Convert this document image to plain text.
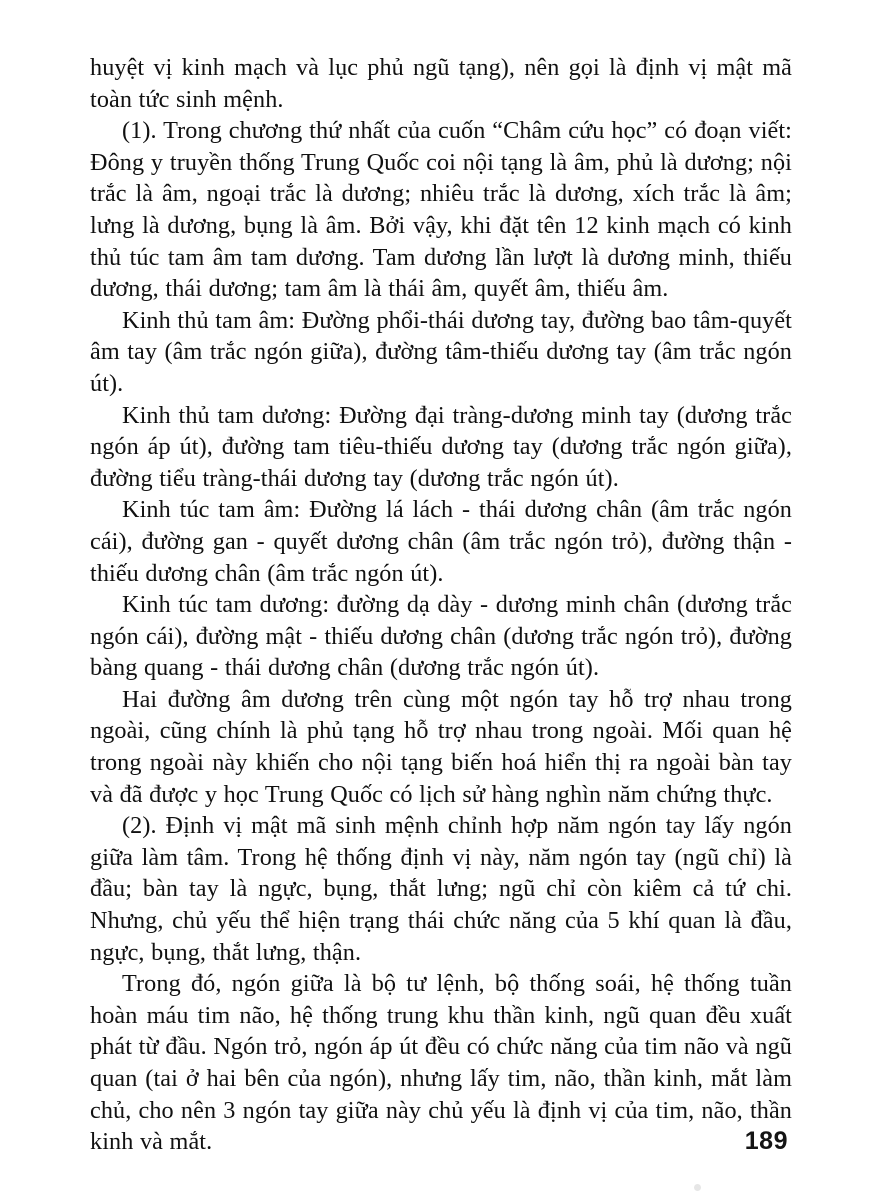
huyệt vị kinh mạch và lục phủ ngũ tạng), nên gọi là định vị mật mã toàn tức sinh mệnh.

(1). Trong chương thứ nhất của cuốn “Châm cứu học” có đoạn viết: Đông y truyền thống Trung Quốc coi nội tạng là âm, phủ là dương; nội trắc là âm, ngoại trắc là dương; nhiêu trắc là dương, xích trắc là âm; lưng là dương, bụng là âm. Bởi vậy, khi đặt tên 12 kinh mạch có kinh thủ túc tam âm tam dương. Tam dương lần lượt là dương minh, thiếu dương, thái dương; tam âm là thái âm, quyết âm, thiếu âm.

Kinh thủ tam âm: Đường phổi-thái dương tay, đường bao tâm-quyết âm tay (âm trắc ngón giữa), đường tâm-thiếu dương tay (âm trắc ngón út).

Kinh thủ tam dương: Đường đại tràng-dương minh tay (dương trắc ngón áp út), đường tam tiêu-thiếu dương tay (dương trắc ngón giữa), đường tiểu tràng-thái dương tay (dương trắc ngón út).

Kinh túc tam âm: Đường lá lách - thái dương chân (âm trắc ngón cái), đường gan - quyết dương chân (âm trắc ngón trỏ), đường thận - thiếu dương chân (âm trắc ngón út).

Kinh túc tam dương: đường dạ dày - dương minh chân (dương trắc ngón cái), đường mật - thiếu dương chân (dương trắc ngón trỏ), đường bàng quang - thái dương chân (dương trắc ngón út).

Hai đường âm dương trên cùng một ngón tay hỗ trợ nhau trong ngoài, cũng chính là phủ tạng hỗ trợ nhau trong ngoài. Mối quan hệ trong ngoài này khiến cho nội tạng biến hoá hiển thị ra ngoài bàn tay và đã được y học Trung Quốc có lịch sử hàng nghìn năm chứng thực.

(2). Định vị mật mã sinh mệnh chỉnh hợp năm ngón tay lấy ngón giữa làm tâm. Trong hệ thống định vị này, năm ngón tay (ngũ chỉ) là đầu; bàn tay là ngực, bụng, thắt lưng; ngũ chỉ còn kiêm cả tứ chi. Nhưng, chủ yếu thể hiện trạng thái chức năng của 5 khí quan là đầu, ngực, bụng, thắt lưng, thận.

Trong đó, ngón giữa là bộ tư lệnh, bộ thống soái, hệ thống tuần hoàn máu tim não, hệ thống trung khu thần kinh, ngũ quan đều xuất phát từ đầu. Ngón trỏ, ngón áp út đều có chức năng của tim não và ngũ quan (tai ở hai bên của ngón), nhưng lấy tim, não, thần kinh, mắt làm chủ, cho nên 3 ngón tay giữa này chủ yếu là định vị của tim, não, thần kinh và mắt.	189
